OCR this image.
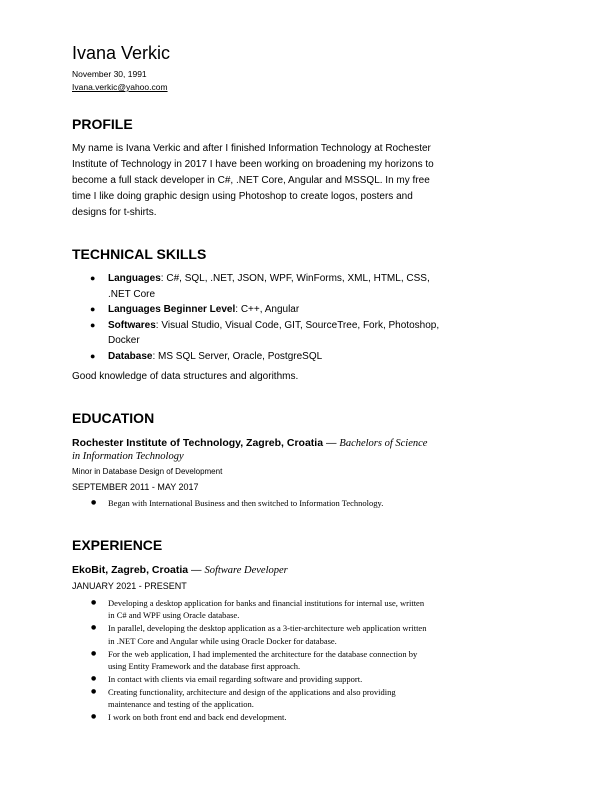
Ivana Verkic
November 30, 1991
Ivana.verkic@yahoo.com
PROFILE

My name is Ivana Verkic and after I finished Information Technology at Rochester Institute of Technology in 2017 I have been working on broadening my horizons to become a full stack developer in C#, .NET Core, Angular and MSSQL. In my free time I like doing graphic design using Photoshop to create logos, posters and designs for t-shirts.

TECHNICAL SKILLS
● Languages: C#, SQL, .NET, JSON, WPF, WinForms, XML, HTML, CSS, .NET Core
● Languages Beginner Level: C++, Angular
● Softwares: Visual Studio, Visual Code, GIT, SourceTree, Fork, Photoshop, Docker
● Database: MS SQL Server, Oracle, PostgreSQL

Good knowledge of data structures and algorithms.

EDUCATION
Rochester Institute of Technology, Zagreb, Croatia — Bachelors of Science in Information Technology
Minor in Database Design of Development
SEPTEMBER 2011 - MAY 2017
● Began with International Business and then switched to Information Technology.
EXPERIENCE
EkoBit, Zagreb, Croatia — Software Developer
JANUARY 2021 - PRESENT
● Developing a desktop application for banks and financial institutions for internal use, written in C# and WPF using Oracle database.
● In parallel, developing the desktop application as a 3-tier-architecture web application written in .NET Core and Angular while using Oracle Docker for database.
● For the web application, I had implemented the architecture for the database connection by using Entity Framework and the database first approach.
● In contact with clients via email regarding software and providing support.
● Creating functionality, architecture and design of the applications and also providing maintenance and testing of the application.
● I work on both front end and back end development.
